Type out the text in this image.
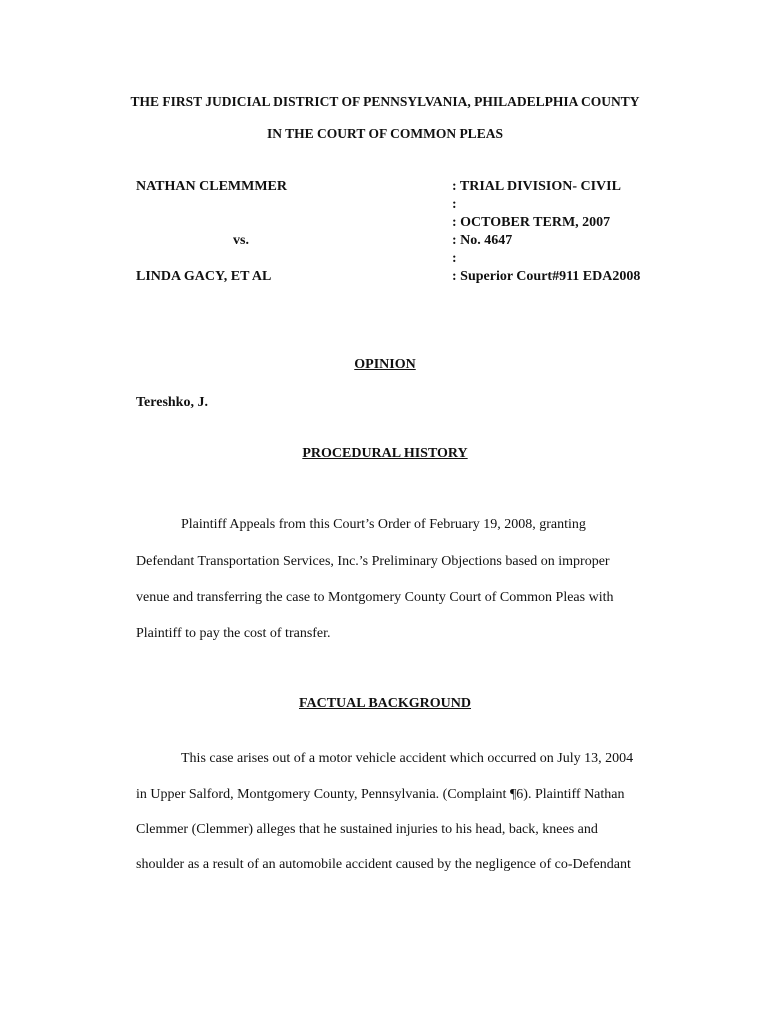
THE FIRST JUDICIAL DISTRICT OF PENNSYLVANIA, PHILADELPHIA COUNTY
IN THE COURT OF COMMON PLEAS
NATHAN CLEMMMER
vs.
LINDA GACY, ET AL
: TRIAL DIVISION- CIVIL
:
: OCTOBER TERM, 2007
: No. 4647
:
: Superior Court#911 EDA2008
OPINION
Tereshko, J.
PROCEDURAL HISTORY
Plaintiff Appeals from this Court’s Order of February 19, 2008, granting
Defendant Transportation Services, Inc.’s Preliminary Objections based on improper
venue and transferring the case to Montgomery County Court of Common Pleas with
Plaintiff to pay the cost of transfer.
FACTUAL BACKGROUND
This case arises out of a motor vehicle accident which occurred on July 13, 2004
in Upper Salford, Montgomery County, Pennsylvania. (Complaint ¶6). Plaintiff Nathan
Clemmer (Clemmer) alleges that he sustained injuries to his head, back, knees and
shoulder as a result of an automobile accident caused by the negligence of co-Defendant
